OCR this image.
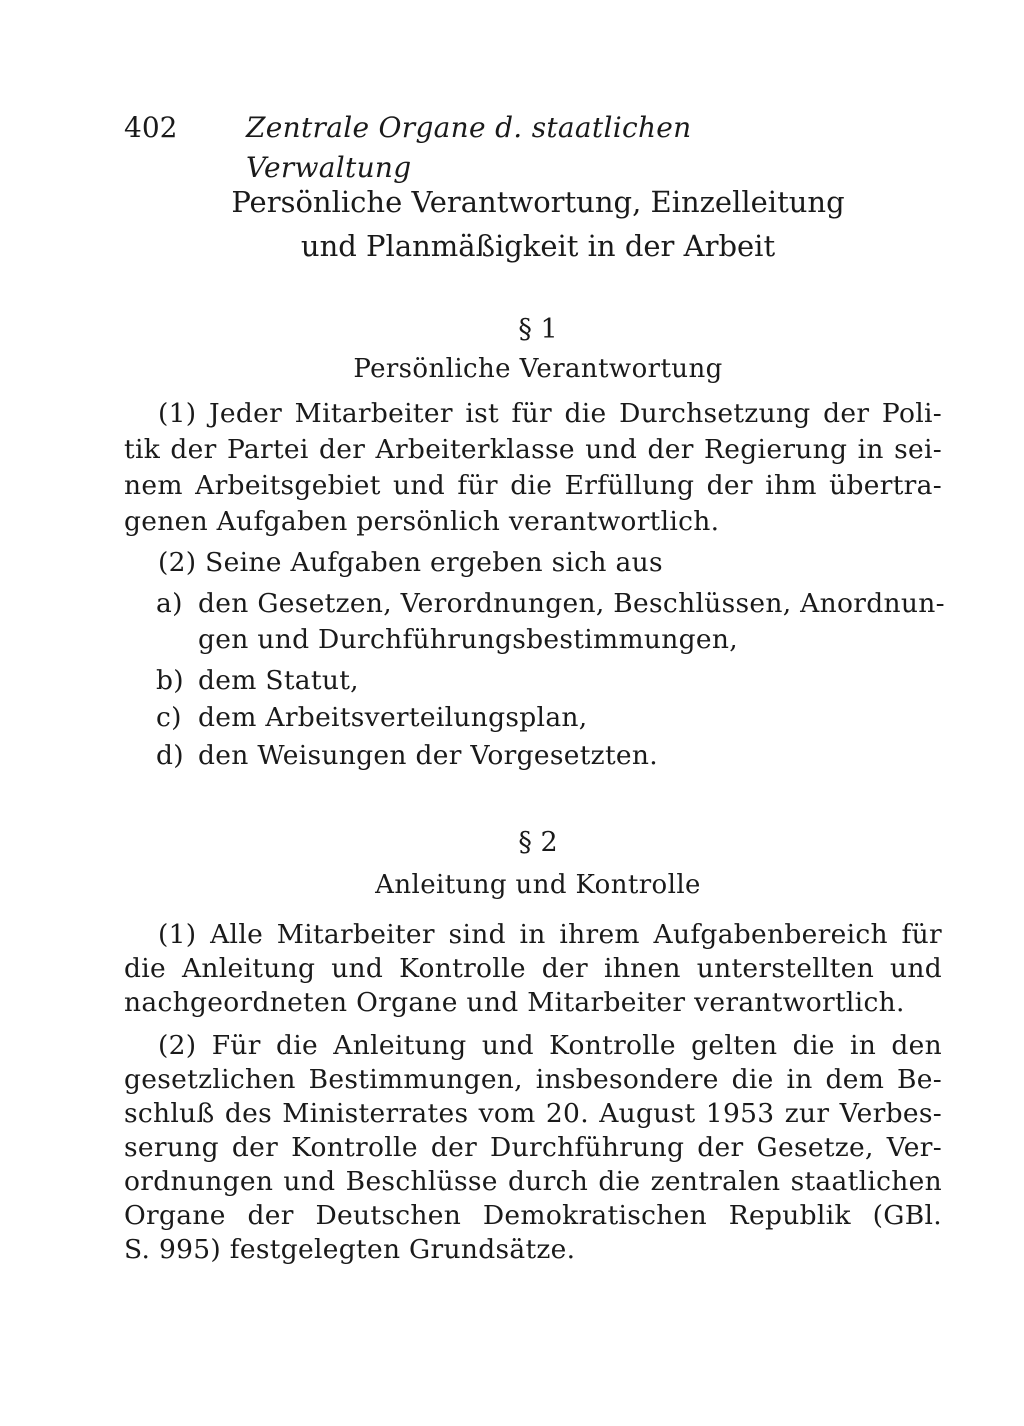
402 Zentrale Organe d. staatlichen Verwaltung
Persönliche Verantwortung, Einzelleitung
und Planmäßigkeit in der Arbeit
§ 1
Persönliche Verantwortung
(1) Jeder Mitarbeiter ist für die Durchsetzung der Poli-
tik der Partei der Arbeiterklasse und der Regierung in sei-
nem Arbeitsgebiet und für die Erfüllung der ihm übertra-
genen Aufgaben persönlich verantwortlich.
(2) Seine Aufgaben ergeben sich aus
a) den Gesetzen, Verordnungen, Beschlüssen, Anordnun-
gen und Durchführungsbestimmungen,
b) dem Statut,
c) dem Arbeitsverteilungsplan,
d) den Weisungen der Vorgesetzten.
§ 2
Anleitung und Kontrolle
(1) Alle Mitarbeiter sind in ihrem Aufgabenbereich für
die Anleitung und Kontrolle der ihnen unterstellten und
nachgeordneten Organe und Mitarbeiter verantwortlich.
(2) Für die Anleitung und Kontrolle gelten die in den
gesetzlichen Bestimmungen, insbesondere die in dem Be-
schluß des Ministerrates vom 20. August 1953 zur Verbes-
serung der Kontrolle der Durchführung der Gesetze, Ver-
ordnungen und Beschlüsse durch die zentralen staatlichen
Organe der Deutschen Demokratischen Republik (GBl.
S. 995) festgelegten Grundsätze.
